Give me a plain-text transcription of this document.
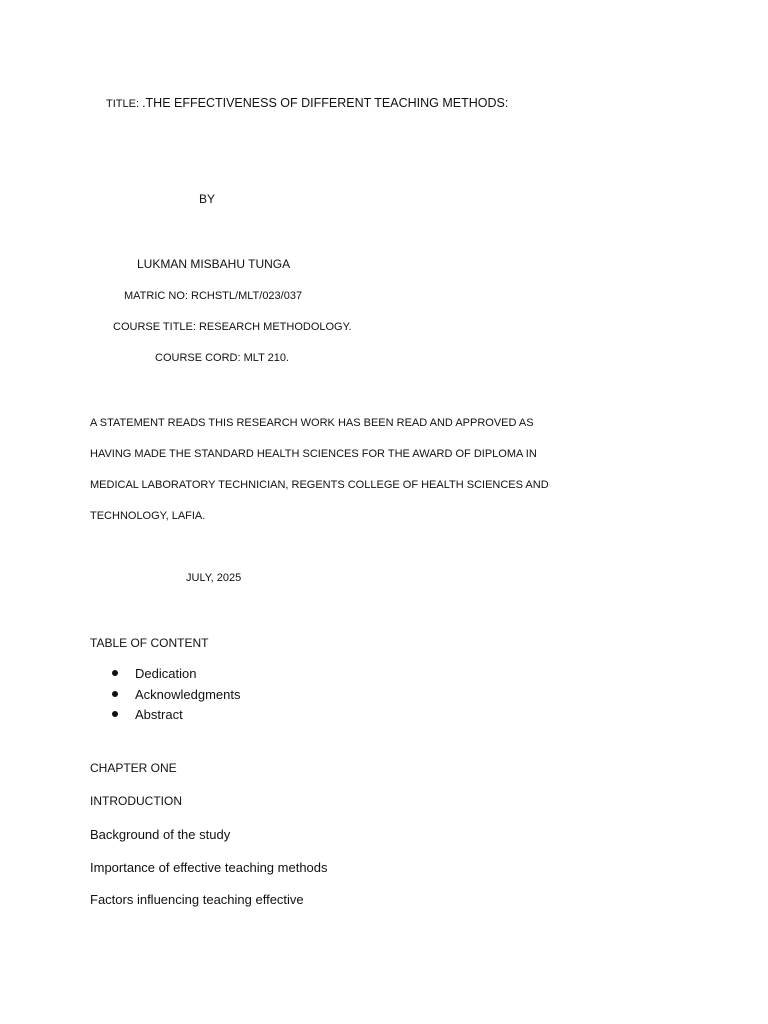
TITLE: .THE EFFECTIVENESS OF DIFFERENT TEACHING METHODS:
BY
LUKMAN MISBAHU TUNGA
MATRIC NO: RCHSTL/MLT/023/037
COURSE TITLE: RESEARCH METHODOLOGY.
COURSE CORD: MLT 210.
A STATEMENT READS THIS RESEARCH WORK HAS BEEN READ AND APPROVED AS
HAVING MADE THE STANDARD HEALTH SCIENCES FOR THE AWARD OF DIPLOMA IN
MEDICAL LABORATORY TECHNICIAN, REGENTS COLLEGE OF HEALTH SCIENCES AND
TECHNOLOGY, LAFIA.
JULY, 2025
TABLE OF CONTENT
Dedication
Acknowledgments
Abstract
CHAPTER ONE
INTRODUCTION
Background of the study
Importance of effective teaching methods
Factors influencing teaching effective
